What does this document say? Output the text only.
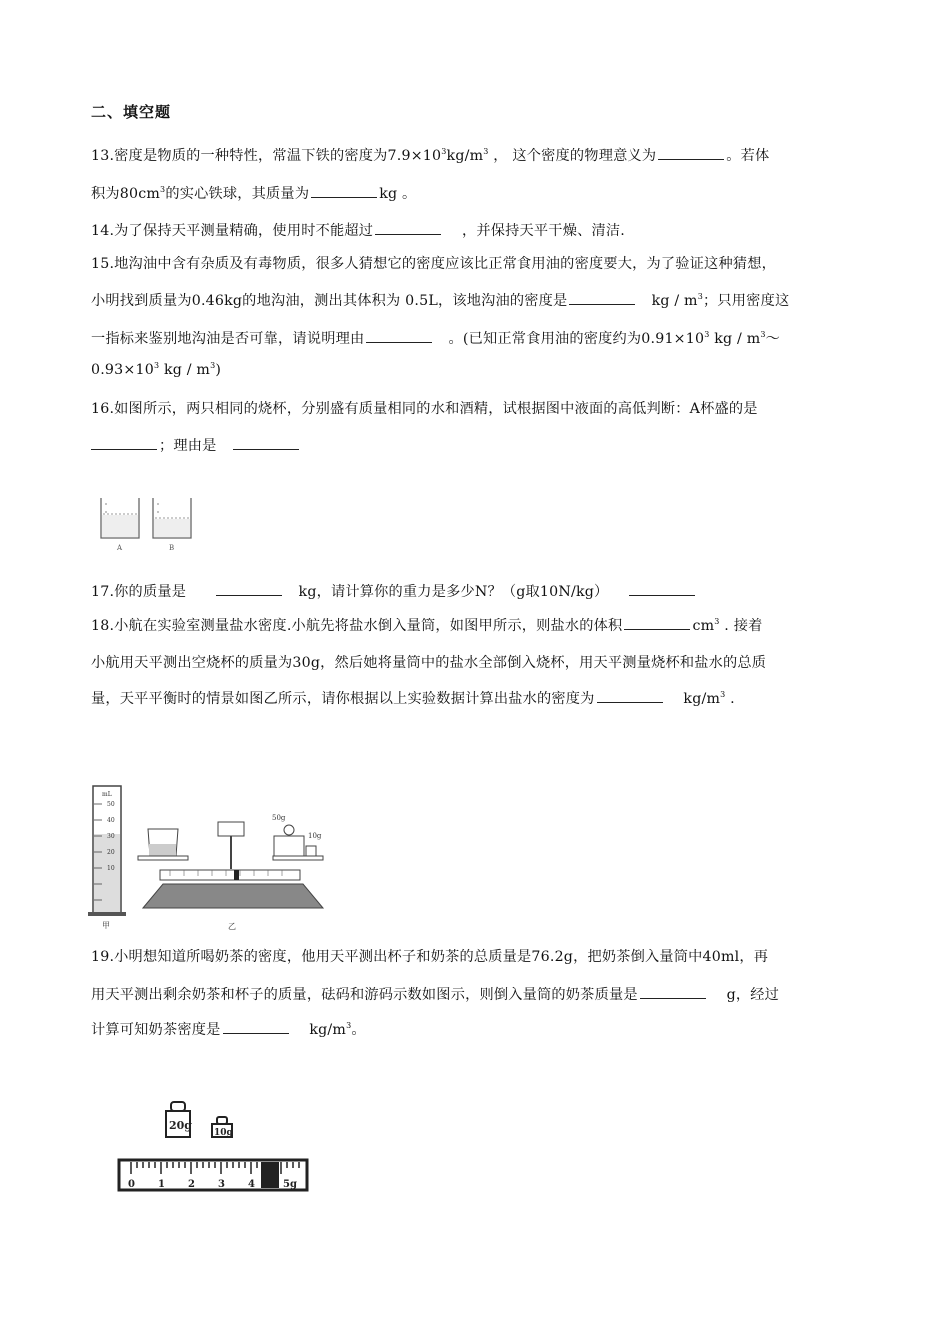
二、填空题
13.密度是物质的一种特性，常温下铁的密度为$7.9\times 10^3kg/m^3$ ， 这个密度的物理意义为	。若体
积为$80cm^3$的实心铁球，其质量为	kg 。
14.为了保持天平测量精确，使用时不能超过	，并保持天平干燥、清洁.
15.地沟油中含有杂质及有毒物质，很多人猜想它的密度应该比正常食用油的密度要大，为了验证这种猜想，
小明找到质量为0.46kg的地沟油，测出其体积为 0.5L，该地沟油的密度是	kg / $m^3$；只用密度这
一指标来鉴别地沟油是否可靠，请说明理由	。(已知正常食用油的密度约为$0.91\times 10^3$ kg / $m^3\sim$
$0.93\times 10^3$ kg / $m^3$)
16.如图所示，两只相同的烧杯，分别盛有质量相同的水和酒精，试根据图中液面的高低判断：A杯盛的是
；理由是
A	B
17.你的质量是	kg，请计算你的重力是多少N？（g取10N/kg）
18.小航在实验室测量盐水密度.小航先将盐水倒入量筒，如图甲所示，则盐水的体积	$cm^3$ . 接着
小航用天平测出空烧杯的质量为30g，然后她将量筒中的盐水全部倒入烧杯，用天平测量烧杯和盐水的总质
量，天平平衡时的情景如图乙所示，请你根据以上实验数据计算出盐水的密度为	$kg/m^3$ .
mL
50
40
30
20
10
甲
50g
10g
乙
19.小明想知道所喝奶茶的密度，他用天平测出杯子和奶茶的总质量是76.2g，把奶茶倒入量筒中40ml，再
用天平测出剩余奶茶和杯子的质量，砝码和游码示数如图示，则倒入量筒的奶茶质量是	g，经过
计算可知奶茶密度是	$kg/m^3$。
20g
10g
0 1 2 3 4	5g
